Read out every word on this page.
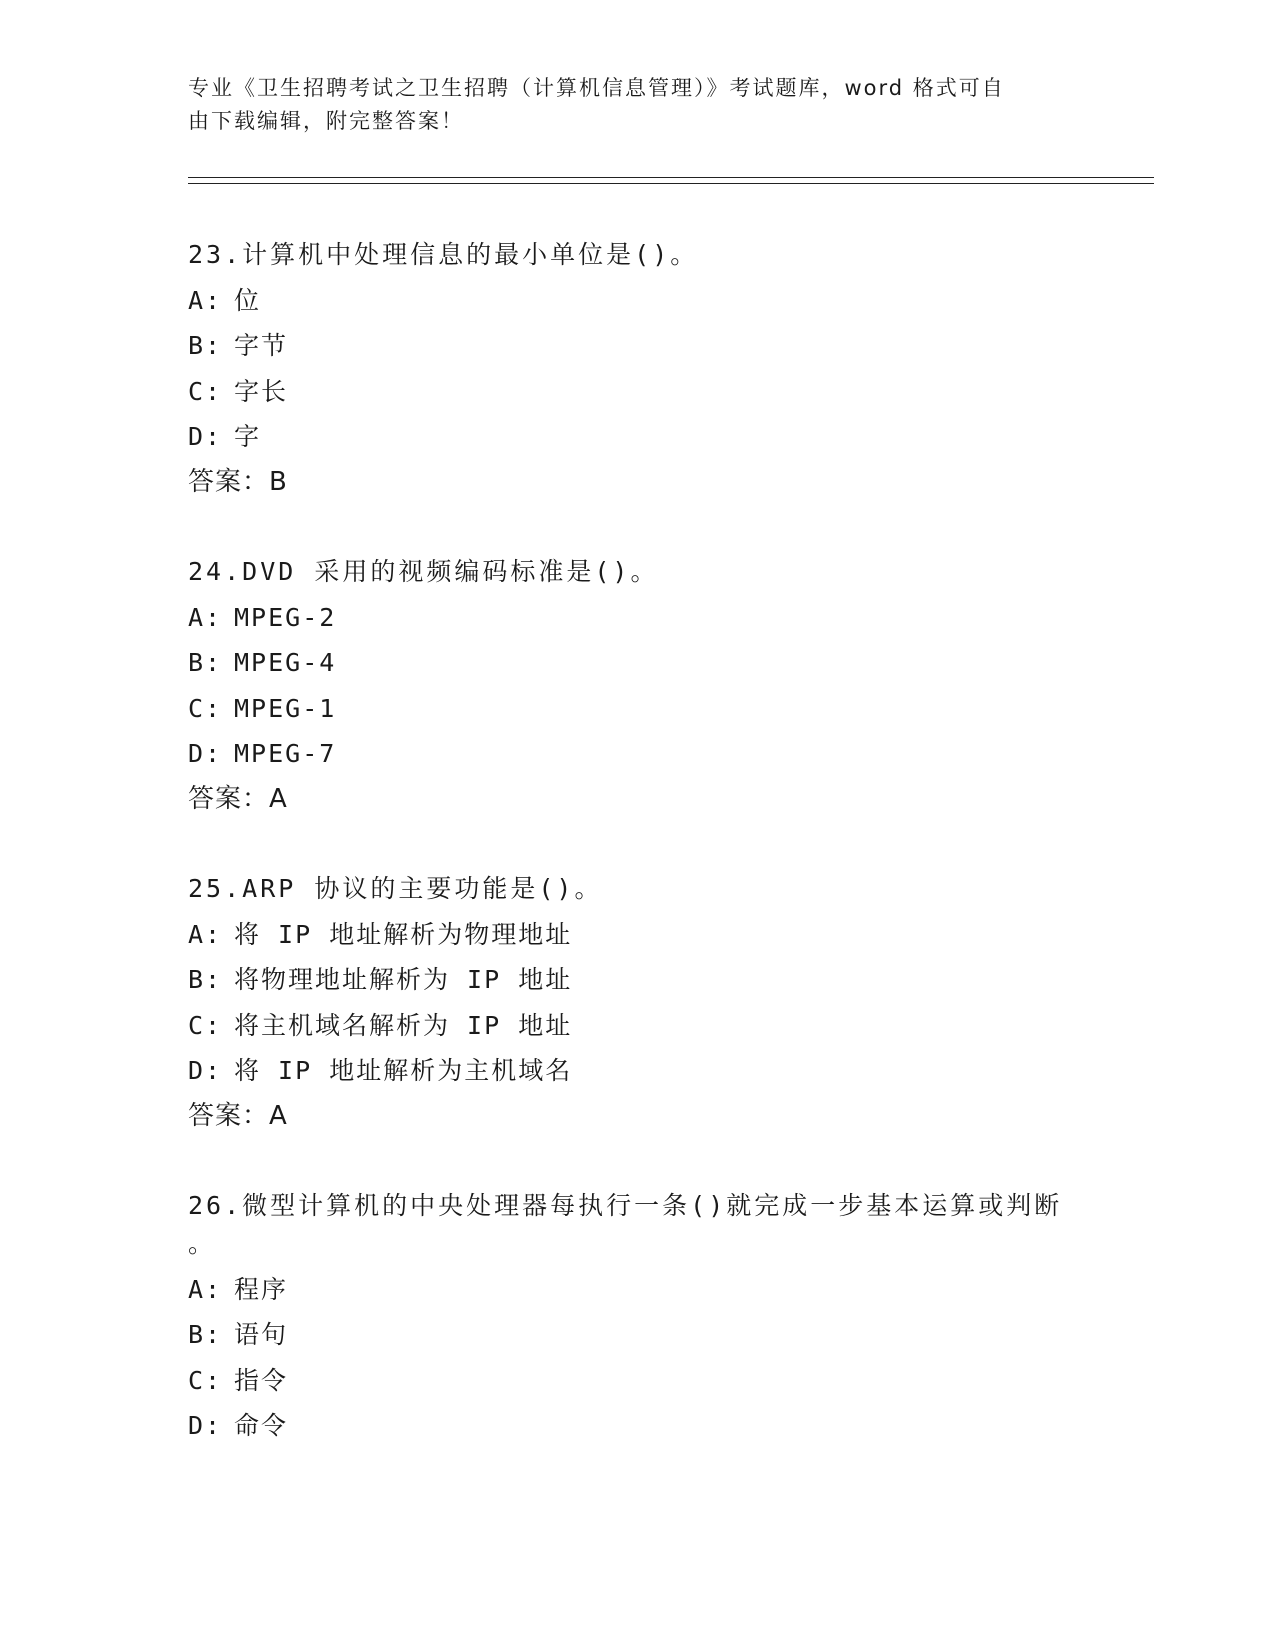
专业《卫生招聘考试之卫生招聘（计算机信息管理）》考试题库，word 格式可自
由下载编辑，附完整答案！
23.计算机中处理信息的最小单位是()。
A: 位
B: 字节
C: 字长
D: 字
答案：B
24.DVD 采用的视频编码标准是()。
A: MPEG-2
B: MPEG-4
C: MPEG-1
D: MPEG-7
答案：A
25.ARP 协议的主要功能是()。
A: 将 IP 地址解析为物理地址
B: 将物理地址解析为 IP 地址
C: 将主机域名解析为 IP 地址
D: 将 IP 地址解析为主机域名
答案：A
26.微型计算机的中央处理器每执行一条()就完成一步基本运算或判断
。
A: 程序
B: 语句
C: 指令
D: 命令
